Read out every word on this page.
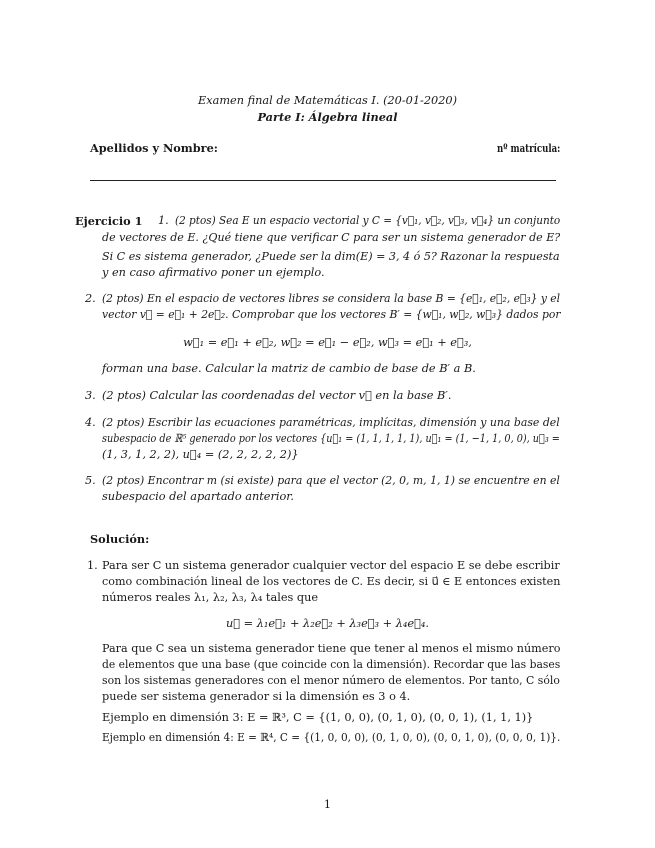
Examen final de Matemáticas I. (20-01-2020)
Parte I: Álgebra lineal
Apellidos y Nombre:	nº matrícula:
Ejercicio 1 1. (2 ptos) Sea E un espacio vectorial y C = {v⃗₁, v⃗₂, v⃗₃, v⃗₄} un conjunto
de vectores de E. ¿Qué tiene que verificar C para ser un sistema generador de E?
Si C es sistema generador, ¿Puede ser la dim(E) = 3, 4 ó 5? Razonar la respuesta
y en caso afirmativo poner un ejemplo.
2. (2 ptos) En el espacio de vectores libres se considera la base B = {e⃗₁, e⃗₂, e⃗₃} y el
vector v⃗ = e⃗₁ + 2e⃗₂. Comprobar que los vectores B′ = {w⃗₁, w⃗₂, w⃗₃} dados por
w⃗₁ = e⃗₁ + e⃗₂, w⃗₂ = e⃗₁ − e⃗₂, w⃗₃ = e⃗₁ + e⃗₃,
forman una base. Calcular la matriz de cambio de base de B′ a B.
3. (2 ptos) Calcular las coordenadas del vector v⃗ en la base B′.
4. (2 ptos) Escribir las ecuaciones paramétricas, implícitas, dimensión y una base del
subespacio de ℝ⁵ generado por los vectores {u⃗₁ = (1, 1, 1, 1, 1), u⃗₁ = (1, −1, 1, 0, 0), u⃗₃ =
(1, 3, 1, 2, 2), u⃗₄ = (2, 2, 2, 2, 2)}
5. (2 ptos) Encontrar m (si existe) para que el vector (2, 0, m, 1, 1) se encuentre en el
subespacio del apartado anterior.
Solución:
1. Para ser C un sistema generador cualquier vector del espacio E se debe escribir
como combinación lineal de los vectores de C. Es decir, si u⃗ ∈ E entonces existen
números reales λ₁, λ₂, λ₃, λ₄ tales que
u⃗ = λ₁e⃗₁ + λ₂e⃗₂ + λ₃e⃗₃ + λ₄e⃗₄.
Para que C sea un sistema generador tiene que tener al menos el mismo número
de elementos que una base (que coincide con la dimensión). Recordar que las bases
son los sistemas generadores con el menor número de elementos. Por tanto, C sólo
puede ser sistema generador si la dimensión es 3 o 4.
Ejemplo en dimensión 3: E = ℝ³, C = {(1, 0, 0), (0, 1, 0), (0, 0, 1), (1, 1, 1)}
Ejemplo en dimensión 4: E = ℝ⁴, C = {(1, 0, 0, 0), (0, 1, 0, 0), (0, 0, 1, 0), (0, 0, 0, 1)}.
1
